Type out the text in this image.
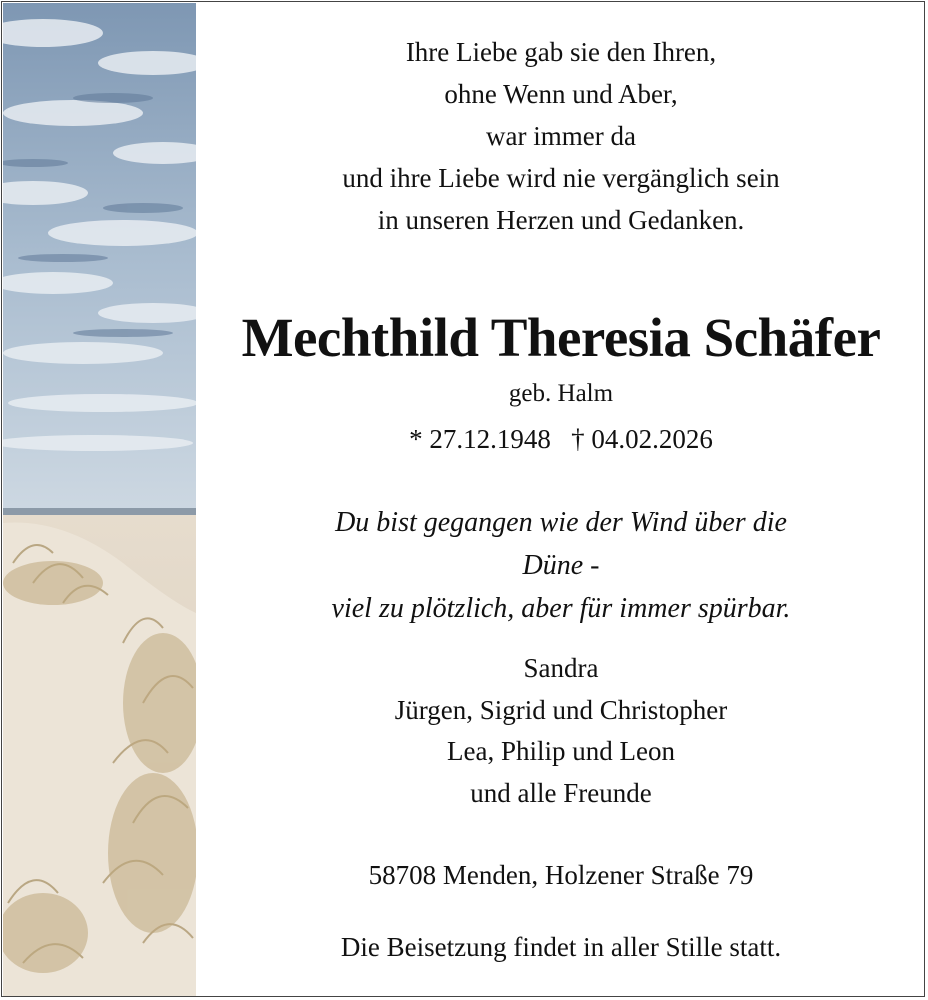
Ihre Liebe gab sie den Ihren,
ohne Wenn und Aber,
war immer da
und ihre Liebe wird nie vergänglich sein
in unseren Herzen und Gedanken.
Mechthild Theresia Schäfer
geb. Halm
* 27.12.1948   † 04.02.2026
Du bist gegangen wie der Wind über die
Düne -
viel zu plötzlich, aber für immer spürbar.
Sandra
Jürgen, Sigrid und Christopher
Lea, Philip und Leon
und alle Freunde
58708 Menden, Holzener Straße 79
Die Beisetzung findet in aller Stille statt.
